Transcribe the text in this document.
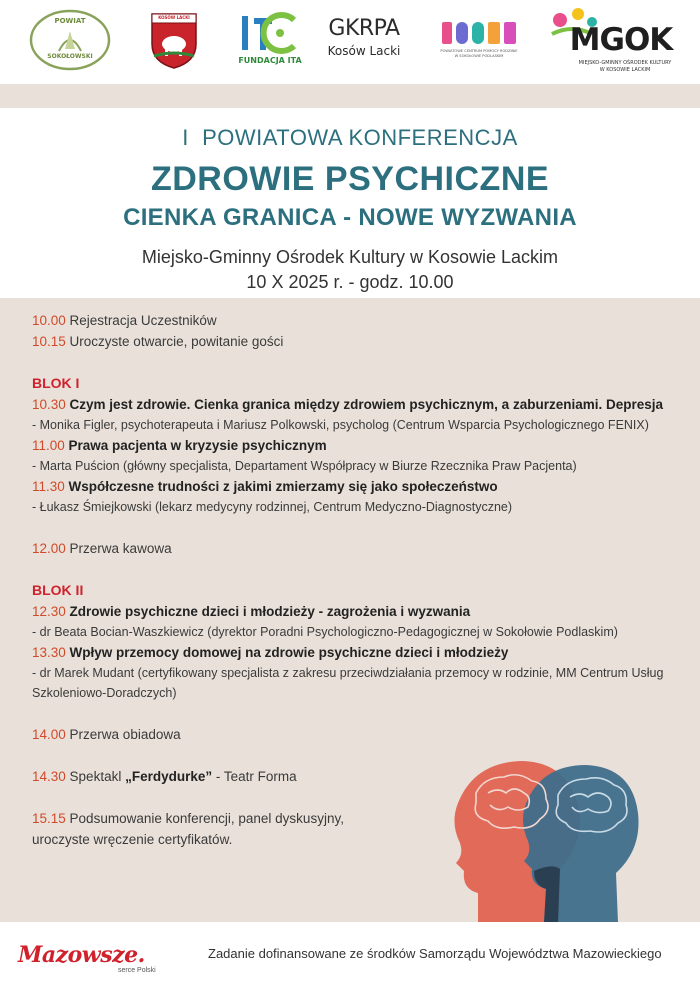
POWIAT
SOKOŁOWSKI
KOSÓW LACKI
FUNDACJA ITA
GKRPA
Kosów Lacki	POWIATOWE CENTRUM POMOCY RODZINIE
W SOKOŁOWIE PODLASKIM	MGOK
MIEJSKO-GMINNY OŚRODEK KULTURY
W KOSOWIE LACKIM
I  POWIATOWA KONFERENCJA
ZDROWIE PSYCHICZNE
CIENKA GRANICA - NOWE WYZWANIA
Miejsko-Gminny Ośrodek Kultury w Kosowie Lackim
10 X 2025 r. - godz. 10.00
10.00 Rejestracja Uczestników
10.15 Uroczyste otwarcie, powitanie gości
BLOK I
10.30 Czym jest zdrowie. Cienka granica między zdrowiem psychicznym, a zaburzeniami. Depresja
- Monika Figler, psychoterapeuta i Mariusz Polkowski, psycholog (Centrum Wsparcia Psychologicznego FENIX)
11.00 Prawa pacjenta w kryzysie psychicznym
- Marta Puścion (główny specjalista, Departament Współpracy w Biurze Rzecznika Praw Pacjenta)
11.30 Współczesne trudności z jakimi zmierzamy się jako społeczeństwo
- Łukasz Śmiejkowski (lekarz medycyny rodzinnej, Centrum Medyczno-Diagnostyczne)
12.00 Przerwa kawowa
BLOK II
12.30 Zdrowie psychiczne dzieci i młodzieży - zagrożenia i wyzwania
- dr Beata Bocian-Waszkiewicz (dyrektor Poradni Psychologiczno-Pedagogicznej w Sokołowie Podlaskim)
13.30 Wpływ przemocy domowej na zdrowie psychiczne dzieci i młodzieży
- dr Marek Mudant (certyfikowany specjalista z zakresu przeciwdziałania przemocy w rodzinie, MM Centrum Usług Szkoleniowo-Doradczych)
14.00 Przerwa obiadowa
14.30 Spektakl „Ferdydurke” - Teatr Forma
15.15 Podsumowanie konferencji, panel dyskusyjny,
uroczyste wręczenie certyfikatów.
Mazowsze.
serce Polski
Zadanie dofinansowane ze środków Samorządu Województwa Mazowieckiego
